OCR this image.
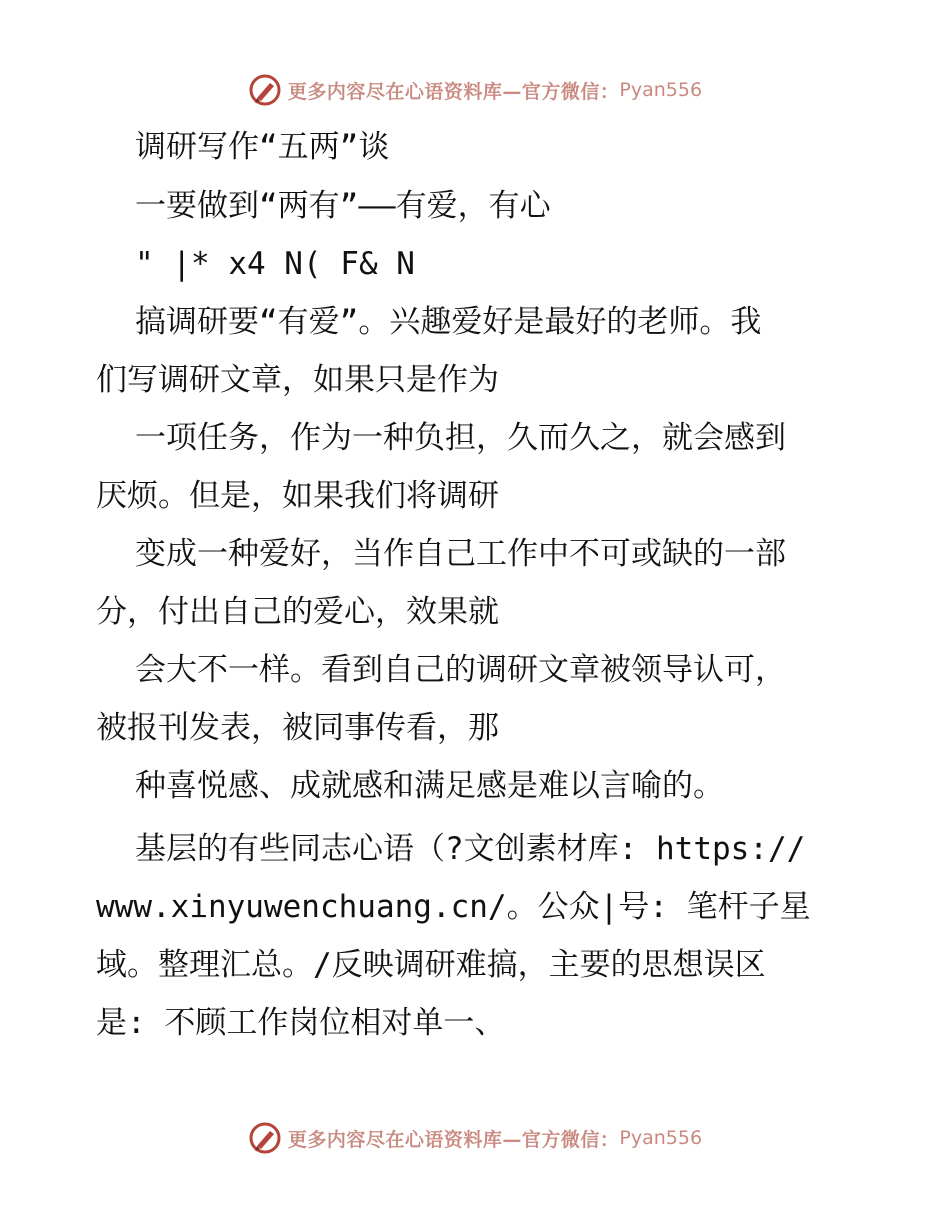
更多内容尽在心语资料库—官方微信： Pyan556
调研写作“五两”谈
一要做到“两有”——有爱，有心
" |* x4 N( F& N
搞调研要“有爱”。兴趣爱好是最好的老师。我
们写调研文章，如果只是作为
一项任务，作为一种负担，久而久之，就会感到
厌烦。但是，如果我们将调研
变成一种爱好，当作自己工作中不可或缺的一部
分，付出自己的爱心，效果就
会大不一样。看到自己的调研文章被领导认可，
被报刊发表，被同事传看，那
种喜悦感、成就感和满足感是难以言喻的。
基层的有些同志心语（?文创素材库: https://
www.xinyuwenchuang.cn/。公众|号: 笔杆子星
域。整理汇总。/反映调研难搞，主要的思想误区
是: 不顾工作岗位相对单一、
更多内容尽在心语资料库—官方微信： Pyan556
